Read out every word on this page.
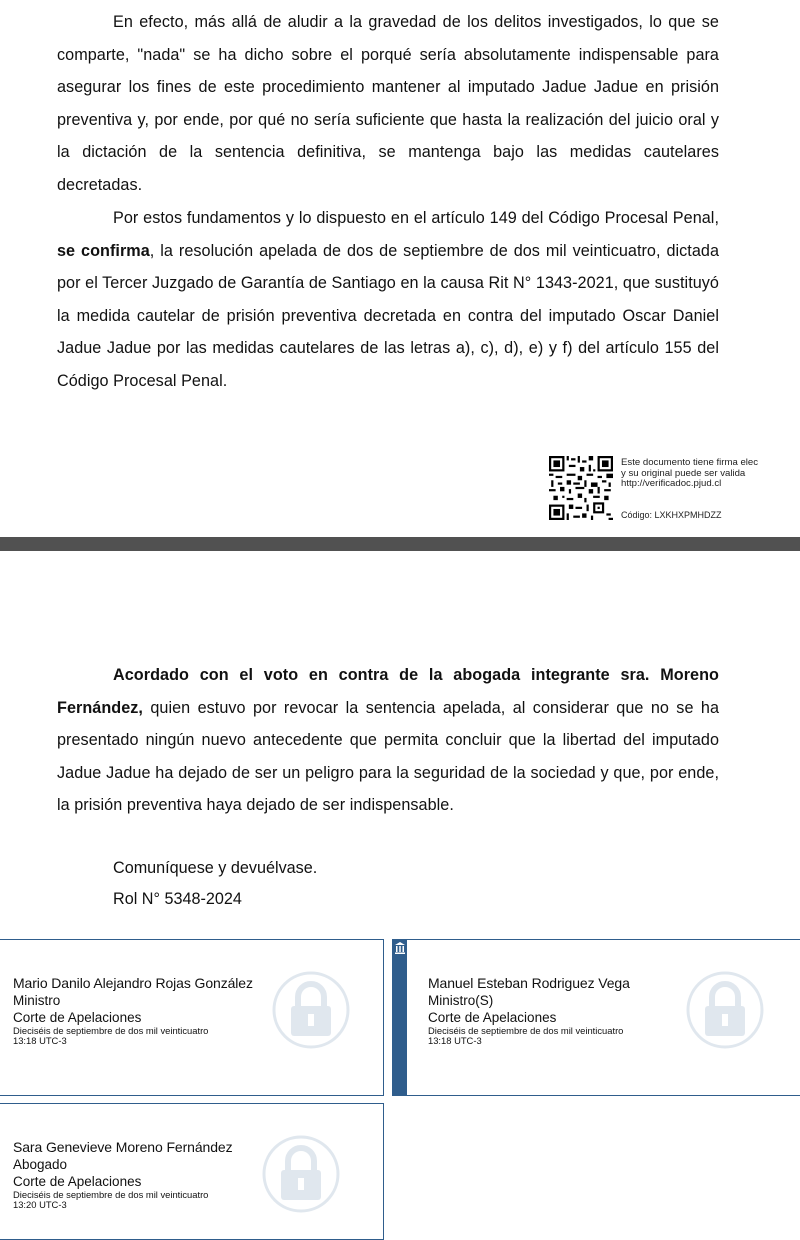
En efecto, más allá de aludir a la gravedad de los delitos investigados, lo que se comparte, "nada" se ha dicho sobre el porqué sería absolutamente indispensable para asegurar los fines de este procedimiento mantener al imputado Jadue Jadue en prisión preventiva y, por ende, por qué no sería suficiente que hasta la realización del juicio oral y la dictación de la sentencia definitiva, se mantenga bajo las medidas cautelares decretadas.

Por estos fundamentos y lo dispuesto en el artículo 149 del Código Procesal Penal, se confirma, la resolución apelada de dos de septiembre de dos mil veinticuatro, dictada por el Tercer Juzgado de Garantía de Santiago en la causa Rit N° 1343-2021, que sustituyó la medida cautelar de prisión preventiva decretada en contra del imputado Oscar Daniel Jadue Jadue por las medidas cautelares de las letras a), c), d), e) y f) del artículo 155 del Código Procesal Penal.

Este documento tiene firma elec
y su original puede ser valida
http://verificadoc.pjud.cl
Código: LXKHXPMHDZZ

Acordado con el voto en contra de la abogada integrante sra. Moreno Fernández, quien estuvo por revocar la sentencia apelada, al considerar que no se ha presentado ningún nuevo antecedente que permita concluir que la libertad del imputado Jadue Jadue ha dejado de ser un peligro para la seguridad de la sociedad y que, por ende, la prisión preventiva haya dejado de ser indispensable.

Comuníquese y devuélvase.
Rol N° 5348-2024
Mario Danilo Alejandro Rojas González
Ministro
Corte de Apelaciones
Dieciséis de septiembre de dos mil veinticuatro
13:18 UTC-3
Manuel Esteban Rodriguez Vega
Ministro(S)
Corte de Apelaciones
Dieciséis de septiembre de dos mil veinticuatro
13:18 UTC-3
Sara Genevieve Moreno Fernández
Abogado
Corte de Apelaciones
Dieciséis de septiembre de dos mil veinticuatro
13:20 UTC-3
